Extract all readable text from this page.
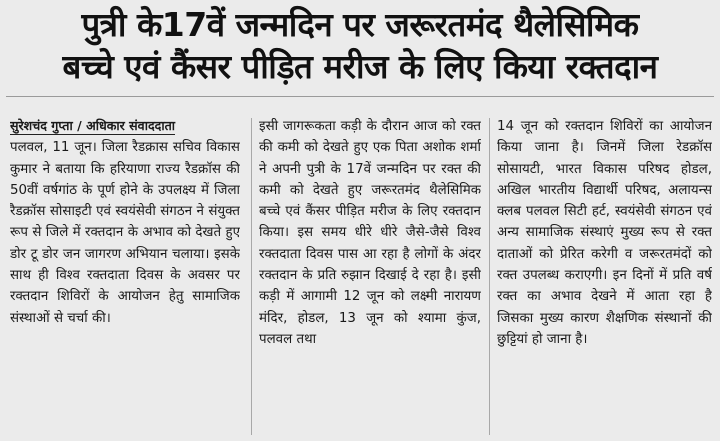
पुत्री के17वें जन्मदिन पर जरूरतमंद थैलेसिमिक
बच्चे एवं कैंसर पीड़ित मरीज के लिए किया रक्तदान
सुरेशचंद गुप्ता / अधिकार संवाददाता

पलवल, 11 जून। जिला रैडक्रास सचिव विकास कुमार ने बताया कि हरियाणा राज्य रैडक्रॉस की 50वीं वर्षगांठ के पूर्ण होने के उपलक्ष्य में जिला रैडक्रॉस सोसाइटी एवं स्वयंसेवी संगठन ने संयुक्त रूप से जिले में रक्तदान के अभाव को देखते हुए डोर टू डोर जन जागरण अभियान चलाया। इसके साथ ही विश्व रक्तदाता दिवस के अवसर पर रक्तदान शिविरों के आयोजन हेतु सामाजिक संस्थाओं से चर्चा की।

इसी जागरूकता कड़ी के दौरान आज को रक्त की कमी को देखते हुए एक पिता अशोक शर्मा ने अपनी पुत्री के 17वें जन्मदिन पर रक्त की कमी को देखते हुए जरूरतमंद थैलेसिमिक बच्चे एवं कैंसर पीड़ित मरीज के लिए रक्तदान किया। इस समय धीरे धीरे जैसे-जैसे विश्व रक्तदाता दिवस पास आ रहा है लोगों के अंदर रक्तदान के प्रति रुझान दिखाई दे रहा है। इसी कड़ी में आगामी 12 जून को लक्ष्मी नारायण मंदिर, होडल, 13 जून को श्यामा कुंज, पलवल तथा

14 जून को रक्तदान शिविरों का आयोजन किया जाना है। जिनमें जिला रेडक्रॉस सोसायटी, भारत विकास परिषद होडल, अखिल भारतीय विद्यार्थी परिषद, अलायन्स क्लब पलवल सिटी हर्ट, स्वयंसेवी संगठन एवं अन्य सामाजिक संस्थाएं मुख्य रूप से रक्त दाताओं को प्रेरित करेगी व जरूरतमंदों को रक्त उपलब्ध कराएगी। इन दिनों में प्रति वर्ष रक्त का अभाव देखने में आता रहा है जिसका मुख्य कारण शैक्षणिक संस्थानों की छुट्टियां हो जाना है।
